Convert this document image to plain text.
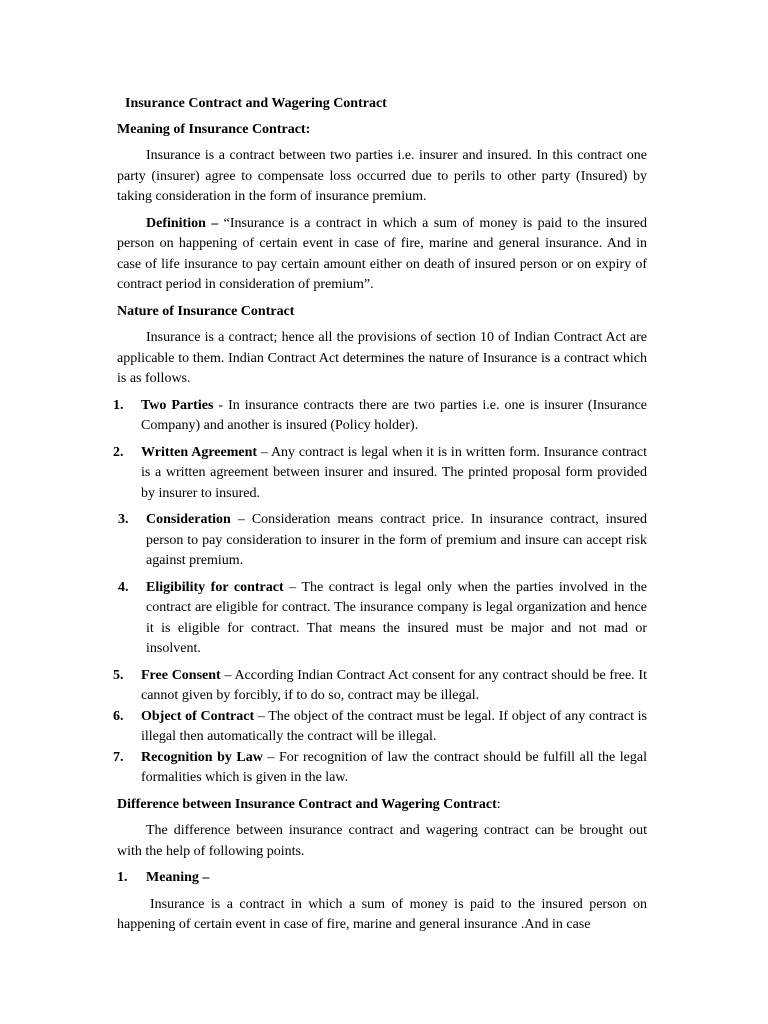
Insurance Contract and Wagering Contract
Meaning of Insurance Contract:

Insurance is a contract between two parties i.e. insurer and insured. In this contract one party (insurer) agree to compensate loss occurred due to perils to other party (Insured) by taking consideration in the form of insurance premium.

Definition – “Insurance is a contract in which a sum of money is paid to the insured person on happening of certain event in case of fire, marine and general insurance. And in case of life insurance to pay certain amount either on death of insured person or on expiry of contract period in consideration of premium”.

Nature of Insurance Contract

Insurance is a contract; hence all the provisions of section 10 of Indian Contract Act are applicable to them. Indian Contract Act determines the nature of Insurance is a contract which is as follows.

1. Two Parties - In insurance contracts there are two parties i.e. one is insurer (Insurance Company) and another is insured (Policy holder).
2. Written Agreement – Any contract is legal when it is in written form. Insurance contract is a written agreement between insurer and insured. The printed proposal form provided by insurer to insured.
3. Consideration – Consideration means contract price. In insurance contract, insured person to pay consideration to insurer in the form of premium and insure can accept risk against premium.
4. Eligibility for contract – The contract is legal only when the parties involved in the contract are eligible for contract. The insurance company is legal organization and hence it is eligible for contract. That means the insured must be major and not mad or insolvent.
5. Free Consent – According Indian Contract Act consent for any contract should be free. It cannot given by forcibly, if to do so, contract may be illegal.
6. Object of Contract – The object of the contract must be legal. If object of any contract is illegal then automatically the contract will be illegal.
7. Recognition by Law – For recognition of law the contract should be fulfill all the legal formalities which is given in the law.
Difference between Insurance Contract and Wagering Contract:

The difference between insurance contract and wagering contract can be brought out with the help of following points.

1. Meaning –

Insurance is a contract in which a sum of money is paid to the insured person on happening of certain event in case of fire, marine and general insurance .And in case
